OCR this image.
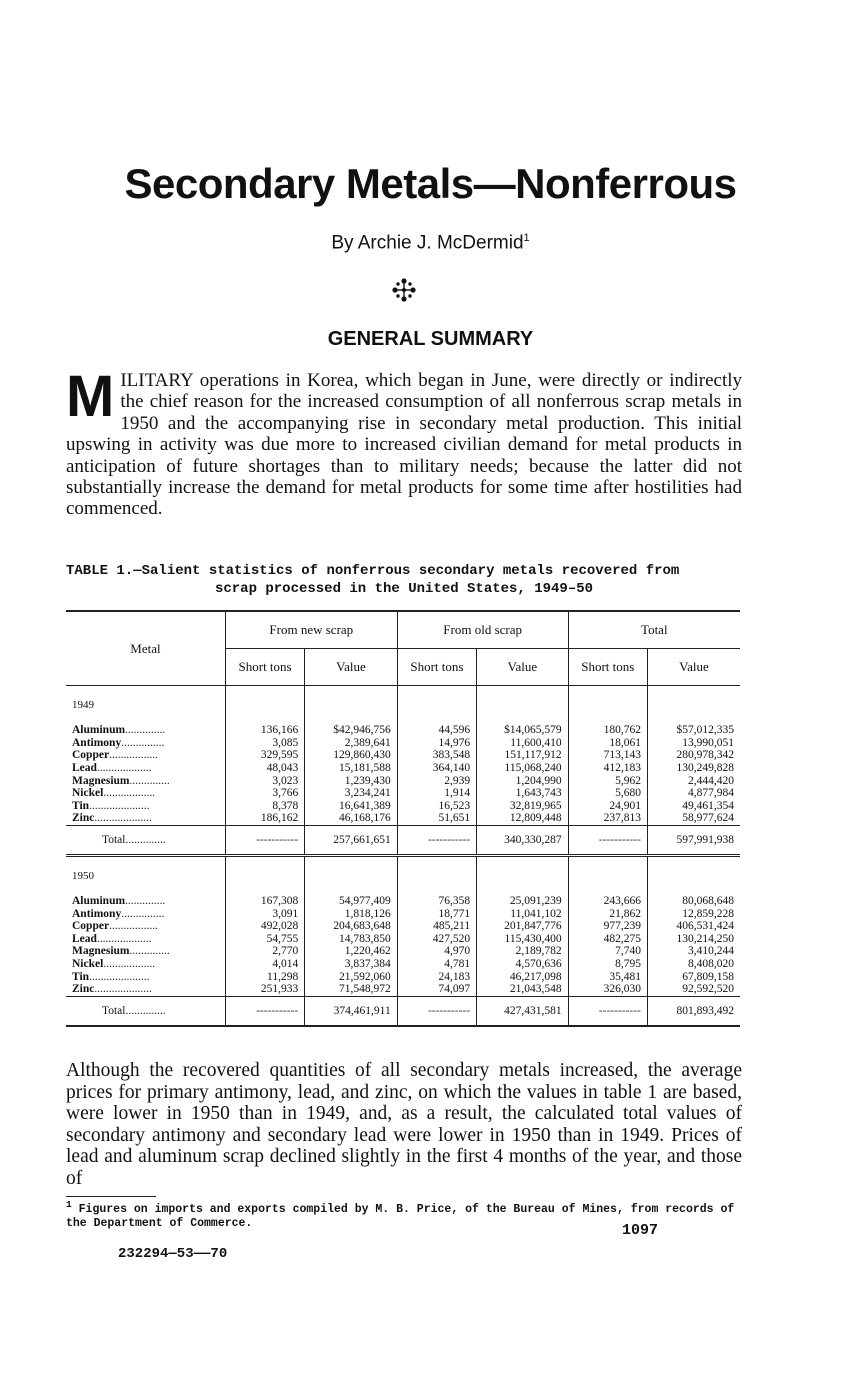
Secondary Metals—Nonferrous
By Archie J. McDermid$^1$
GENERAL SUMMARY
MILITARY operations in Korea, which began in June, were directly or indirectly the chief reason for the increased consumption of all nonferrous scrap metals in 1950 and the accompanying rise in secondary metal production. This initial upswing in activity was due more to increased civilian demand for metal products in anticipation of future shortages than to military needs; because the latter did not substantially increase the demand for metal products for some time after hostilities had commenced.
TABLE 1.—Salient statistics of nonferrous secondary metals recovered from
scrap processed in the United States, 1949–50
Metal	From new scrap		From old scrap		Total	
	Short tons	Value	Short tons	Value	Short tons	Value
1949						
Aluminum..............	136,166	$42,946,756	44,596	$14,065,579	180,762	$57,012,335
Antimony...............	3,085	2,389,641	14,976	11,600,410	18,061	13,990,051
Copper.................	329,595	129,860,430	383,548	151,117,912	713,143	280,978,342
Lead...................	48,043	15,181,588	364,140	115,068,240	412,183	130,249,828
Magnesium..............	3,023	1,239,430	2,939	1,204,990	5,962	2,444,420
Nickel..................	3,766	3,234,241	1,914	1,643,743	5,680	4,877,984
Tin.....................	8,378	16,641,389	16,523	32,819,965	24,901	49,461,354
Zinc....................	186,162	46,168,176	51,651	12,809,448	237,813	58,977,624
Total..............	-----------	257,661,651	-----------	340,330,287	-----------	597,991,938
1950						
Aluminum..............	167,308	54,977,409	76,358	25,091,239	243,666	80,068,648
Antimony...............	3,091	1,818,126	18,771	11,041,102	21,862	12,859,228
Copper.................	492,028	204,683,648	485,211	201,847,776	977,239	406,531,424
Lead...................	54,755	14,783,850	427,520	115,430,400	482,275	130,214,250
Magnesium..............	2,770	1,220,462	4,970	2,189,782	7,740	3,410,244
Nickel..................	4,014	3,837,384	4,781	4,570,636	8,795	8,408,020
Tin.....................	11,298	21,592,060	24,183	46,217,098	35,481	67,809,158
Zinc....................	251,933	71,548,972	74,097	21,043,548	326,030	92,592,520
Total..............	-----------	374,461,911	-----------	427,431,581	-----------	801,893,492
Although the recovered quantities of all secondary metals increased, the average prices for primary antimony, lead, and zinc, on which the values in table 1 are based, were lower in 1950 than in 1949, and, as a result, the calculated total values of secondary antimony and secondary lead were lower in 1950 than in 1949. Prices of lead and aluminum scrap declined slightly in the first 4 months of the year, and those of
$^1$ Figures on imports and exports compiled by M. B. Price, of the Bureau of Mines, from records of the Department of Commerce.	1097
232294—53——70
